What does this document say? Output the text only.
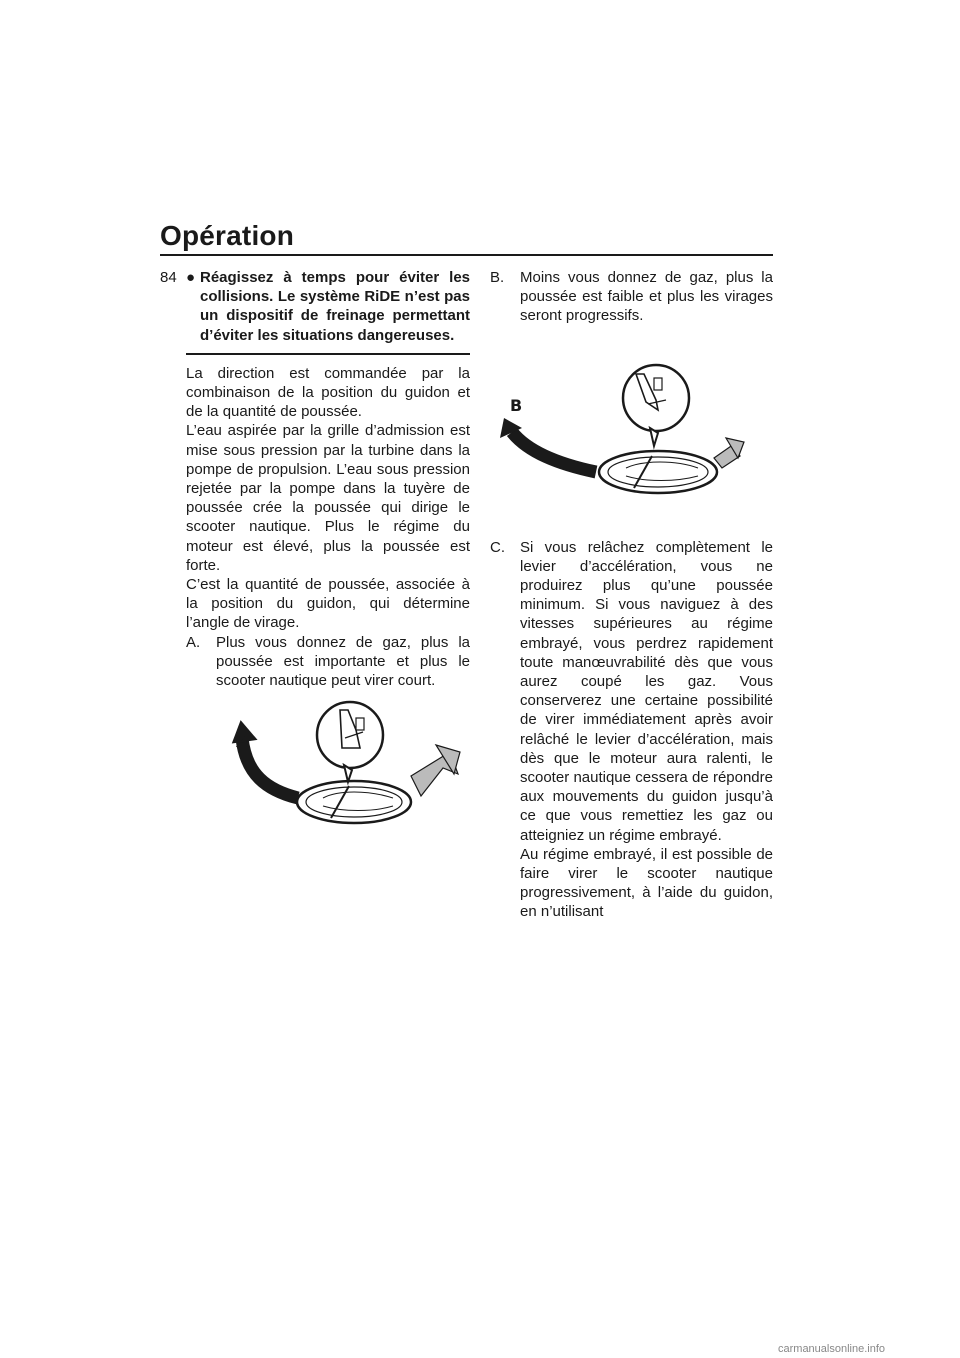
Opération
84 ● Réagissez à temps pour éviter les collisions. Le système RiDE n’est pas un dispositif de freinage permettant d’éviter les situations dangereuses.

La direction est commandée par la combinaison de la position du guidon et de la quantité de poussée.

L’eau aspirée par la grille d’admission est mise sous pression par la turbine dans la pompe de propulsion. L’eau sous pression rejetée par la pompe dans la tuyère de poussée crée la poussée qui dirige le scooter nautique. Plus le régime du moteur est élevé, plus la poussée est forte.

C’est la quantité de poussée, associée à la position du guidon, qui détermine l’angle de virage.

A. Plus vous donnez de gaz, plus la poussée est importante et plus le scooter nautique peut virer court.
B. Moins vous donnez de gaz, plus la poussée est faible et plus les virages seront progressifs.
C. Si vous relâchez complètement le levier d’accélération, vous ne produirez plus qu’une poussée minimum. Si vous naviguez à des vitesses supérieures au régime embrayé, vous perdrez rapidement toute manœuvrabilité dès que vous aurez coupé les gaz. Vous conserverez une certaine possibilité de virer immédiatement après avoir relâché le levier d’accélération, mais dès que le moteur aura ralenti, le scooter nautique cessera de répondre aux mouvements du guidon jusqu’à ce que vous remettiez les gaz ou atteigniez un régime embrayé.
Au régime embrayé, il est possible de faire virer le scooter nautique progressivement, à l’aide du guidon, en n’utilisant
A
B
carmanualsonline.info
